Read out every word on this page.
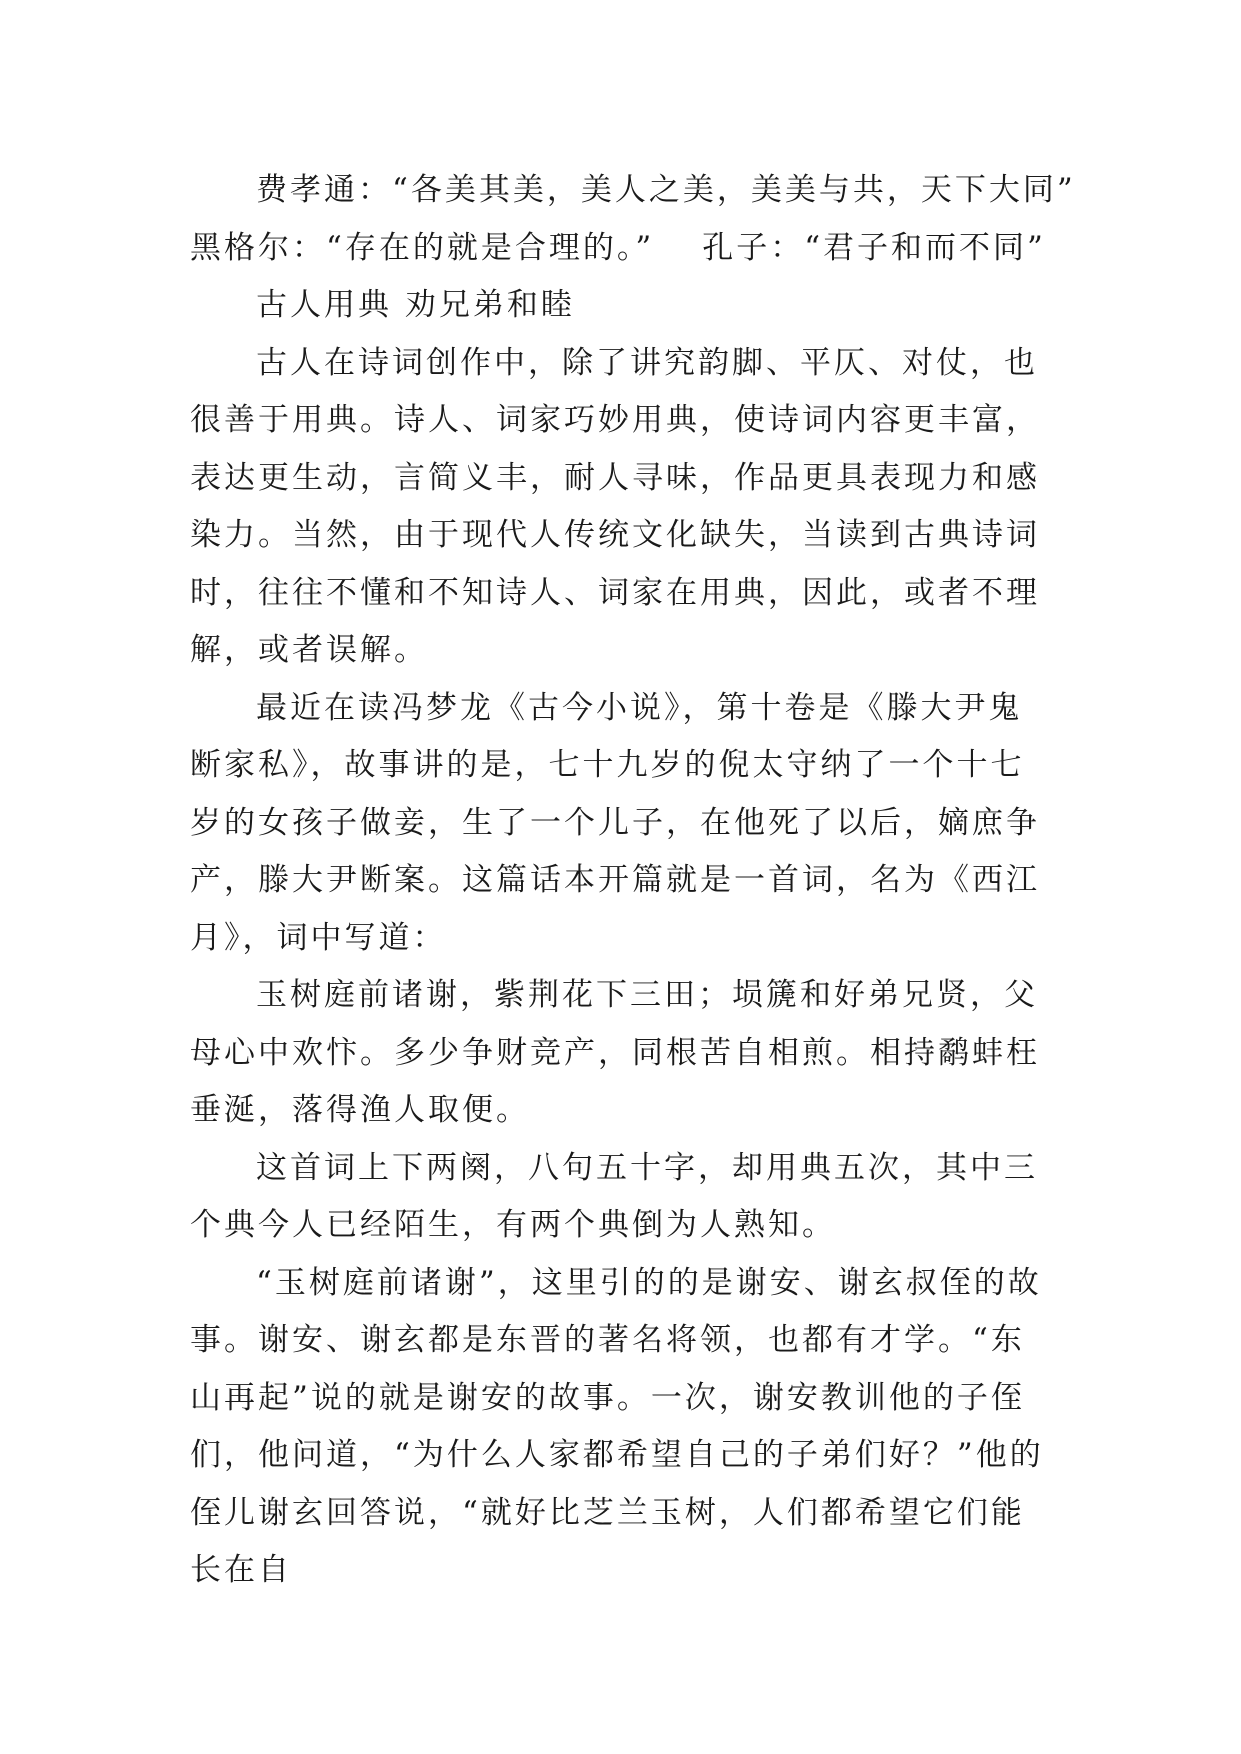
费孝通：“各美其美，美人之美，美美与共，天下大同”

黑格尔：“存在的就是合理的。” 孔子：“君子和而不同”

古人用典 劝兄弟和睦

古人在诗词创作中，除了讲究韵脚、平仄、对仗，也很善于用典。诗人、词家巧妙用典，使诗词内容更丰富，表达更生动，言简义丰，耐人寻味，作品更具表现力和感染力。当然，由于现代人传统文化缺失，当读到古典诗词时，往往不懂和不知诗人、词家在用典，因此，或者不理解，或者误解。

最近在读冯梦龙《古今小说》，第十卷是《滕大尹鬼断家私》，故事讲的是，七十九岁的倪太守纳了一个十七岁的女孩子做妾，生了一个儿子，在他死了以后，嫡庶争产，滕大尹断案。这篇话本开篇就是一首词，名为《西江月》，词中写道：

玉树庭前诸谢，紫荆花下三田；埙篪和好弟兄贤，父母心中欢忭。多少争财竞产，同根苦自相煎。相持鹬蚌枉垂涎，落得渔人取便。

这首词上下两阕，八句五十字，却用典五次，其中三个典今人已经陌生，有两个典倒为人熟知。

“玉树庭前诸谢”，这里引的的是谢安、谢玄叔侄的故事。谢安、谢玄都是东晋的著名将领，也都有才学。“东山再起”说的就是谢安的故事。一次，谢安教训他的子侄们，他问道，“为什么人家都希望自己的子弟们好？”他的侄儿谢玄回答说，“就好比芝兰玉树，人们都希望它们能长在自
